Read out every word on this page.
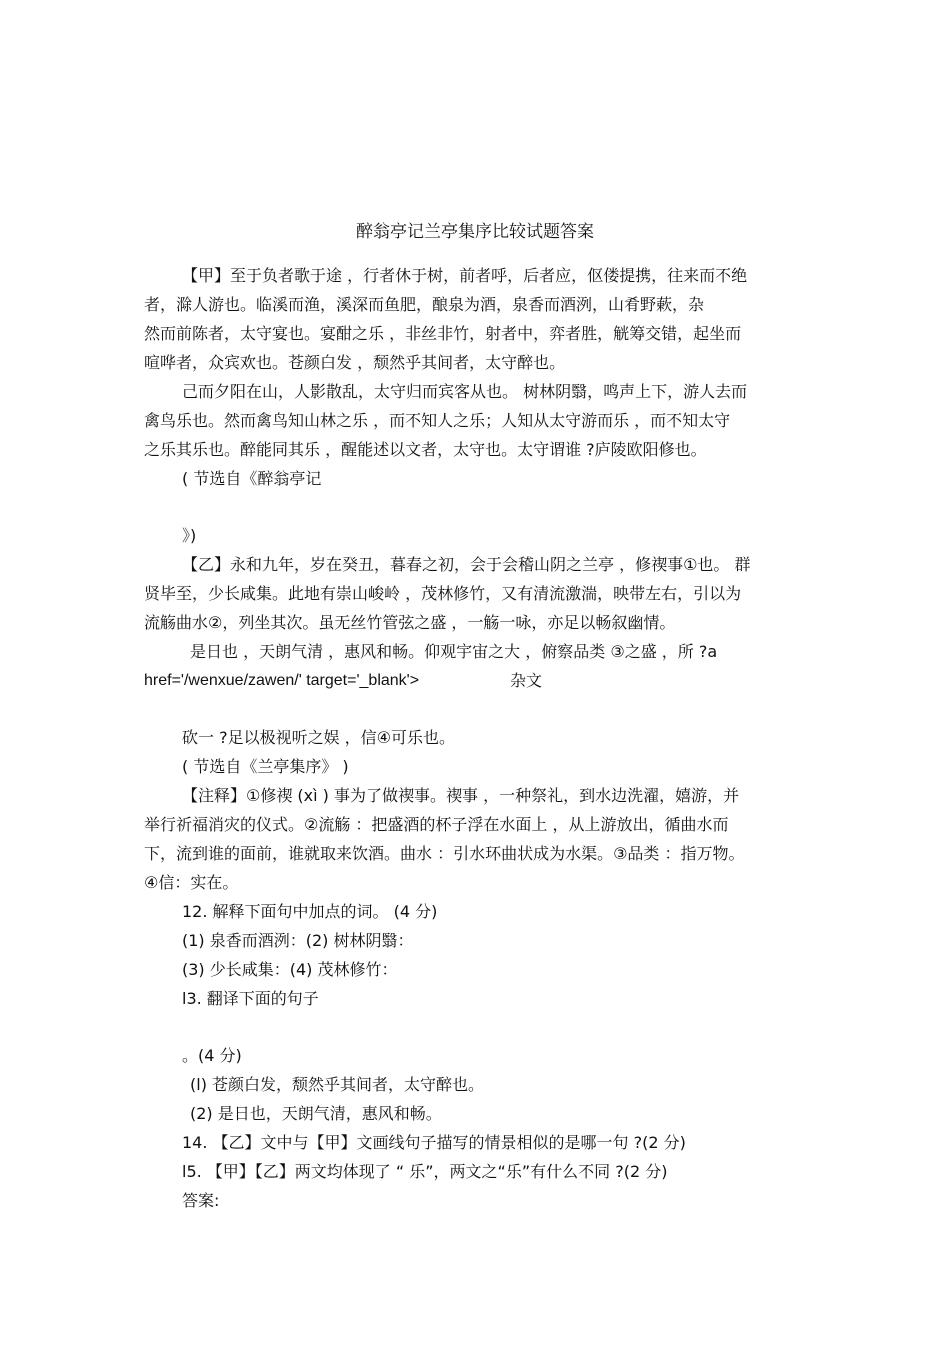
醉翁亭记兰亭集序比较试题答案
【甲】至于负者歌于途 ，行者休于树，前者呼，后者应，伛偻提携，往来而不绝
者，滁人游也。临溪而渔，溪深而鱼肥，酿泉为酒，泉香而酒洌，山肴野蔌，杂
然而前陈者，太守宴也。宴酣之乐 ，非丝非竹，射者中，弈者胜，觥筹交错，起坐而
喧哗者，众宾欢也。苍颜白发 ，颓然乎其间者，太守醉也。
己而夕阳在山，人影散乱，太守归而宾客从也。 树林阴翳，鸣声上下，游人去而
禽鸟乐也。然而禽鸟知山林之乐 ，而不知人之乐；人知从太守游而乐 ，而不知太守
之乐其乐也。醉能同其乐 ，醒能述以文者，太守也。太守谓谁 ?庐陵欧阳修也。
( 节选自《醉翁亭记
》)
【乙】永和九年，岁在癸丑，暮春之初，会于会稽山阴之兰亭 ，修禊事①也。 群
贤毕至，少长咸集。此地有崇山峻岭 ，茂林修竹，又有清流激湍，映带左右，引以为
流觞曲水②，列坐其次。虽无丝竹管弦之盛 ，一觞一咏，亦足以畅叙幽情。
是日也 ，天朗气清 ，惠风和畅。仰观宇宙之大 ，俯察品类 ③之盛 ，所 ?a
href='/wenxue/zawen/' target='_blank'>	杂文
砍一 ?足以极视听之娱 ，信④可乐也。
( 节选自《兰亭集序》 )
【注释】①修禊 (xì ) 事为了做禊事。禊事 ，一种祭礼，到水边洗濯，嬉游，并
举行祈福消灾的仪式。②流觞 ：把盛酒的杯子浮在水面上 ，从上游放出，循曲水而
下，流到谁的面前，谁就取来饮酒。曲水 ：引水环曲状成为水渠。③品类 ：指万物。
④信：实在。
12. 解释下面句中加点的词。 (4 分)
(1) 泉香而酒洌：(2) 树林阴翳：
(3) 少长咸集：(4) 茂林修竹：
l3. 翻译下面的句子
。(4 分)
(l) 苍颜白发，颓然乎其间者，太守醉也。
(2) 是日也，天朗气清，惠风和畅。
14. 【乙】文中与【甲】文画线句子描写的情景相似的是哪一句 ?(2 分)
l5. 【甲】【乙】两文均体现了 “ 乐”，两文之“乐”有什么不同 ?(2 分)
答案:
